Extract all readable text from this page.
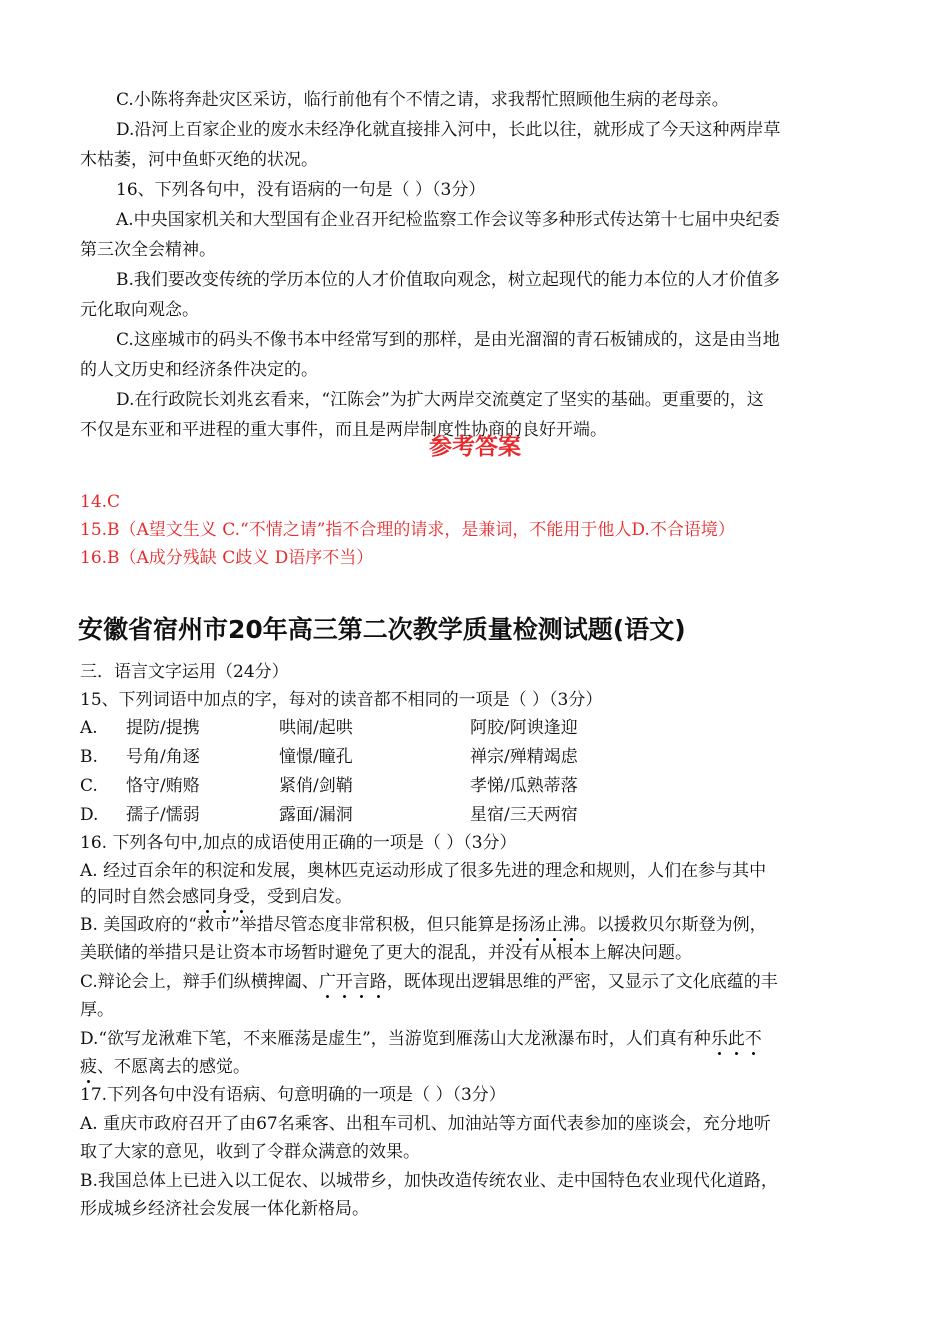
C.小陈将奔赴灾区采访，临行前他有个不情之请，求我帮忙照顾他生病的老母亲。
D.沿河上百家企业的废水未经净化就直接排入河中，长此以往，就形成了今天这种两岸草
木枯萎，河中鱼虾灭绝的状况。
16、下列各句中，没有语病的一句是（ ）（3分）
A.中央国家机关和大型国有企业召开纪检监察工作会议等多种形式传达第十七届中央纪委
第三次全会精神。
B.我们要改变传统的学历本位的人才价值取向观念，树立起现代的能力本位的人才价值多
元化取向观念。
C.这座城市的码头不像书本中经常写到的那样，是由光溜溜的青石板铺成的，这是由当地
的人文历史和经济条件决定的。
D.在行政院长刘兆玄看来，“江陈会”为扩大两岸交流奠定了坚实的基础。更重要的，这
不仅是东亚和平进程的重大事件，而且是两岸制度性协商的良好开端。
参考答案
14.C
15.B（A望文生义 C.“不情之请”指不合理的请求，是兼词，不能用于他人D.不合语境）
16.B（A成分残缺 C歧义 D语序不当）
安徽省宿州市20年高三第二次教学质量检测试题(语文)
三．语言文字运用（24分）
15、下列词语中加点的字，每对的读音都不相同的一项是（ ）（3分）
A. 提防/提携	哄闹/起哄	阿胶/阿谀逢迎
B. 号角/角逐	憧憬/瞳孔	禅宗/殚精竭虑
C. 恪守/贿赂	紧俏/剑鞘	孝悌/瓜熟蒂落
D. 孺子/懦弱	露面/漏洞	星宿/三天两宿
16. 下列各句中,加点的成语使用正确的一项是（ ）（3分）
A. 经过百余年的积淀和发展，奥林匹克运动形成了很多先进的理念和规则，人们在参与其中
的同时自然会感同身受，受到启发。
B. 美国政府的“救市”举措尽管态度非常积极，但只能算是扬汤止沸。以援救贝尔斯登为例，
美联储的举措只是让资本市场暂时避免了更大的混乱，并没有从根本上解决问题。
C.辩论会上，辩手们纵横捭阖、广开言路，既体现出逻辑思维的严密，又显示了文化底蕴的丰
厚。
D.“欲写龙湫难下笔，不来雁荡是虚生”，当游览到雁荡山大龙湫瀑布时，人们真有种乐此不
疲、不愿离去的感觉。
17.下列各句中没有语病、句意明确的一项是（ ）（3分）
A. 重庆市政府召开了由67名乘客、出租车司机、加油站等方面代表参加的座谈会，充分地听
取了大家的意见，收到了令群众满意的效果。
B.我国总体上已进入以工促农、以城带乡，加快改造传统农业、走中国特色农业现代化道路，
形成城乡经济社会发展一体化新格局。
